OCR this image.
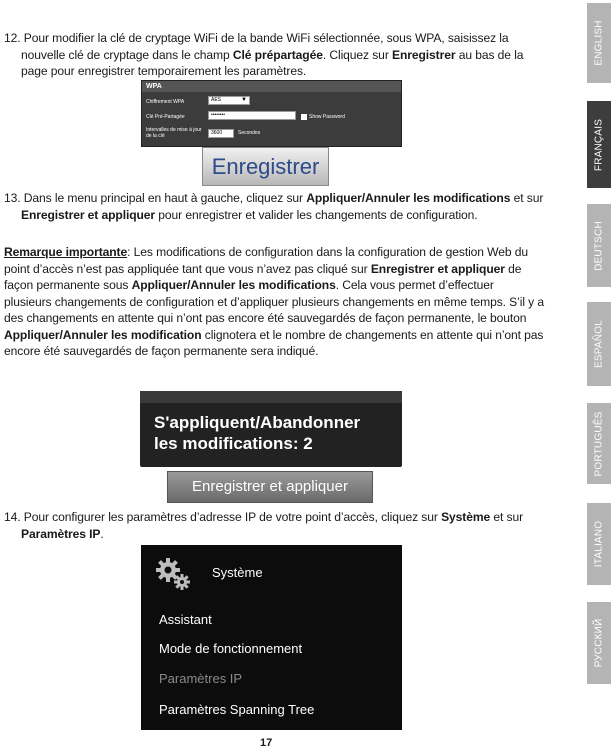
12. Pour modifier la clé de cryptage WiFi de la bande WiFi sélectionnée, sous WPA, saisissez la nouvelle clé de cryptage dans le champ Clé prépartagée. Cliquez sur Enregistrer au bas de la page pour enregistrer temporairement les paramètres.
WPA
Chiffrement WPA	AES	▼
Clé Pré-Partagée	••••••••	Show Password
Intervalles de mise à jour de la clé	3600	Secondes
Enregistrer
13. Dans le menu principal en haut à gauche, cliquez sur Appliquer/Annuler les modifications et sur Enregistrer et appliquer pour enregistrer et valider les changements de configuration.
Remarque importante: Les modifications de configuration dans la configuration de gestion Web du point d’accès n’est pas appliquée tant que vous n’avez pas cliqué sur Enregistrer et appliquer de façon permanente sous Appliquer/Annuler les modifications. Cela vous permet d’effectuer plusieurs changements de configuration et d’appliquer plusieurs changements en même temps. S’il y a des changements en attente qui n’ont pas encore été sauvegardés de façon permanente, le bouton Appliquer/Annuler les modification clignotera et le nombre de changements en attente qui n’ont pas encore été sauvegardés de façon permanente sera indiqué.
S'appliquent/Abandonner
les modifications: 2
Enregistrer et appliquer
14. Pour configurer les paramètres d’adresse IP de votre point d’accès, cliquez sur Système et sur Paramètres IP.
Système
Assistant
Mode de fonctionnement
Paramètres IP
Paramètres Spanning Tree
17
ENGLISH
FRANÇAIS
DEUTSCH
ESPAÑOL
PORTUGUÊS
ITALIANO
РУССКИЙ
